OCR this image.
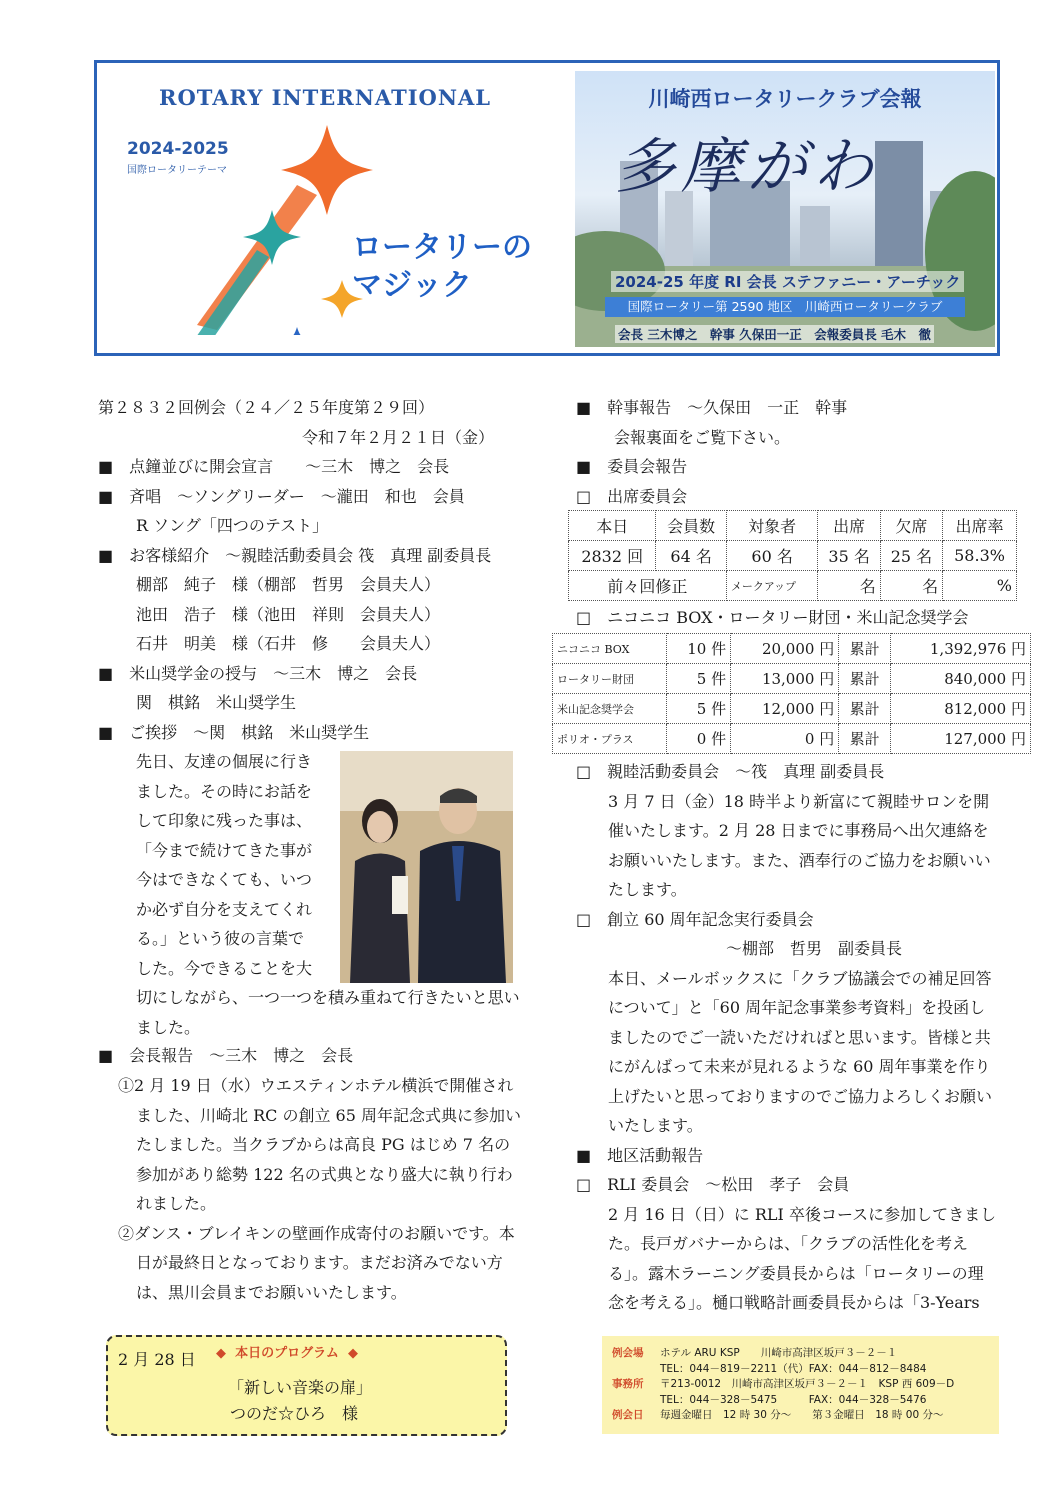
ROTARY INTERNATIONAL
2024-2025
国際ロータリーテーマ
ロータリーの
マジック
川崎西ロータリークラブ会報
多摩がわ
2024-25 年度 RI 会長 ステファニー・アーチック
国際ロータリー第 2590 地区　川崎西ロータリークラブ
会長 三木博之　幹事 久保田一正　会報委員長 毛木　徹
第２８３２回例会（２４／２５年度第２９回）
令和７年２月２１日（金）
■　点鐘並びに開会宣言　　～三木　博之　会長
■　斉唱　～ソングリーダー　～瀧田　和也　会員
R ソング「四つのテスト」
■　お客様紹介　～親睦活動委員会 筏　真理 副委員長
棚部　純子　様（棚部　哲男　会員夫人）
池田　浩子　様（池田　祥則　会員夫人）
石井　明美　様（石井　修　　会員夫人）
■　米山奨学金の授与　～三木　博之　会長
関　棋銘　米山奨学生
■　ご挨拶　～関　棋銘　米山奨学生
先日、友達の個展に行き
ました。その時にお話を
して印象に残った事は、
「今まで続けてきた事が
今はできなくても、いつ
か必ず自分を支えてくれ
る。」という彼の言葉で
した。今できることを大
切にしながら、一つ一つを積み重ねて行きたいと思い
ました。
■　会長報告　～三木　博之　会長
①2 月 19 日（水）ウエスティンホテル横浜で開催され
ました、川崎北 RC の創立 65 周年記念式典に参加い
たしました。当クラブからは高良 PG はじめ 7 名の
参加があり総勢 122 名の式典となり盛大に執り行わ
れました。
②ダンス・ブレイキンの壁画作成寄付のお願いです。本
日が最終日となっております。まだお済みでない方
は、黒川会員までお願いいたします。
2 月 28 日 ◆ 本日のプログラム ◆
「新しい音楽の扉」
つのだ☆ひろ　様
■　幹事報告　～久保田　一正　幹事
会報裏面をご覧下さい。
■　委員会報告
□　出席委員会
本日	会員数	対象者	出席	欠席	出席率
2832 回	64 名	60 名	35 名	25 名	58.3%
前々回修正		メークアップ	名	名	%
□　ニコニコ BOX・ロータリー財団・米山記念奨学会
ニコニコ BOX	10 件	20,000 円	累計	1,392,976 円
ロータリー財団	5 件	13,000 円	累計	840,000 円
米山記念奨学会	5 件	12,000 円	累計	812,000 円
ポリオ・プラス	0 件	0 円	累計	127,000 円
□　親睦活動委員会　～筏　真理 副委員長
3 月 7 日（金）18 時半より新富にて親睦サロンを開
催いたします。2 月 28 日までに事務局へ出欠連絡を
お願いいたします。また、酒奉行のご協力をお願いい
たします。
□　創立 60 周年記念実行委員会
～棚部　哲男　副委員長
本日、メールボックスに「クラブ協議会での補足回答
について」と「60 周年記念事業参考資料」を投函し
ましたのでご一読いただければと思います。皆様と共
にがんばって未来が見れるような 60 周年事業を作り
上げたいと思っておりますのでご協力よろしくお願い
いたします。
■　地区活動報告
□　RLI 委員会　～松田　孝子　会員
2 月 16 日（日）に RLI 卒後コースに参加してきまし
た。長戸ガバナーからは、「クラブの活性化を考え
る」。露木ラーニング委員長からは「ロータリーの理
念を考える」。樋口戦略計画委員長からは「3-Years
例会場 ホテル ARU KSP　　川崎市高津区坂戸３－２－１
TEL：044－819－2211（代）FAX：044－812－8484
事務所 〒213-0012　川崎市高津区坂戸３－２－１　KSP 西 609－D
TEL：044－328－5475　　　FAX：044－328－5476
例会日 毎週金曜日　12 時 30 分～　　第３金曜日　18 時 00 分～
